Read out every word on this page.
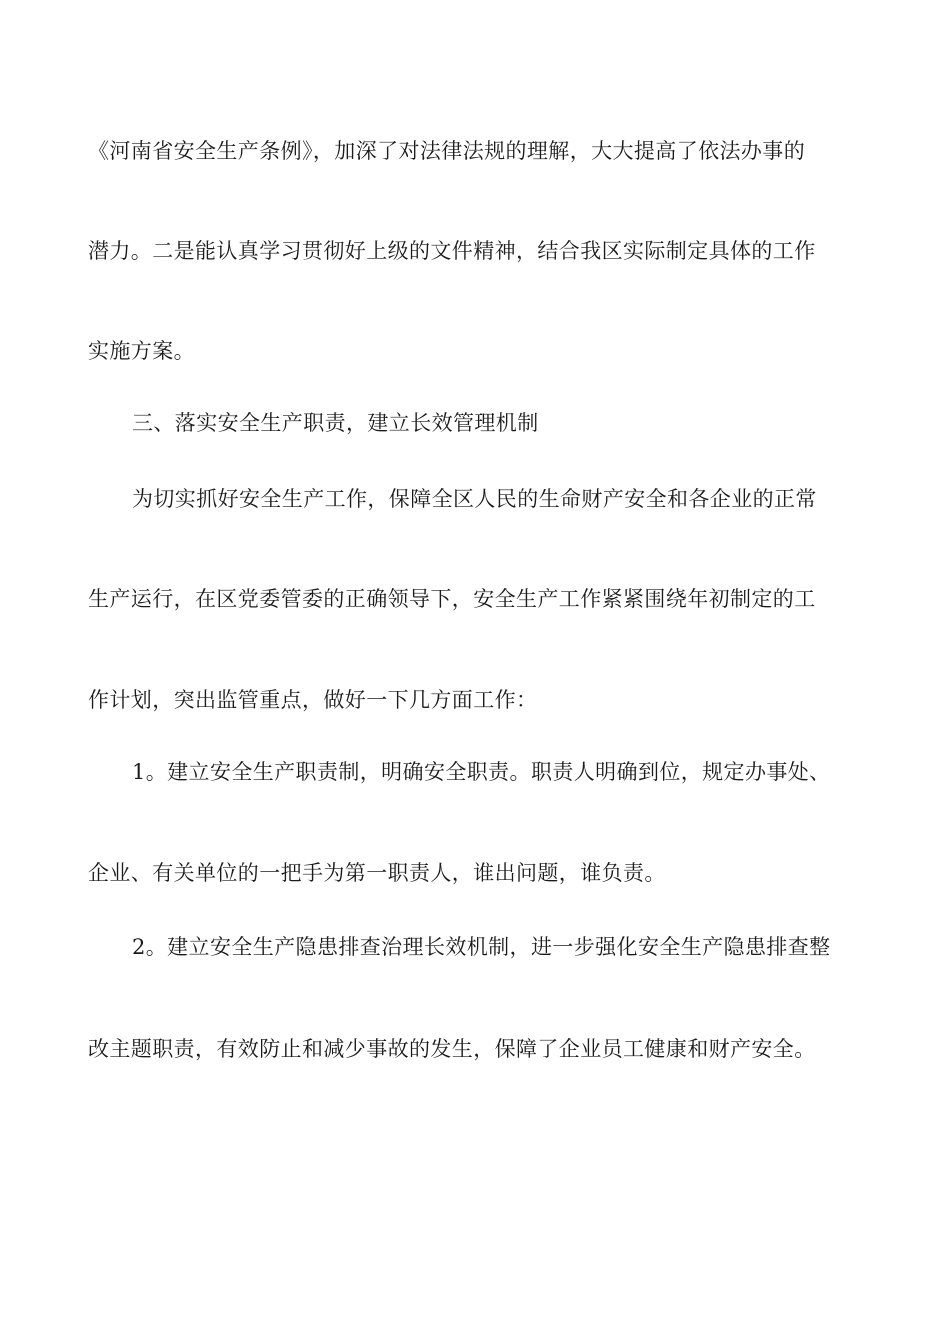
《河南省安全生产条例》，加深了对法律法规的理解，大大提高了依法办事的
潜力。二是能认真学习贯彻好上级的文件精神，结合我区实际制定具体的工作
实施方案。
三、落实安全生产职责，建立长效管理机制
为切实抓好安全生产工作，保障全区人民的生命财产安全和各企业的正常
生产运行，在区党委管委的正确领导下，安全生产工作紧紧围绕年初制定的工
作计划，突出监管重点，做好一下几方面工作：
1。建立安全生产职责制，明确安全职责。职责人明确到位，规定办事处、
企业、有关单位的一把手为第一职责人，谁出问题，谁负责。
2。建立安全生产隐患排查治理长效机制，进一步强化安全生产隐患排查整
改主题职责，有效防止和减少事故的发生，保障了企业员工健康和财产安全。
